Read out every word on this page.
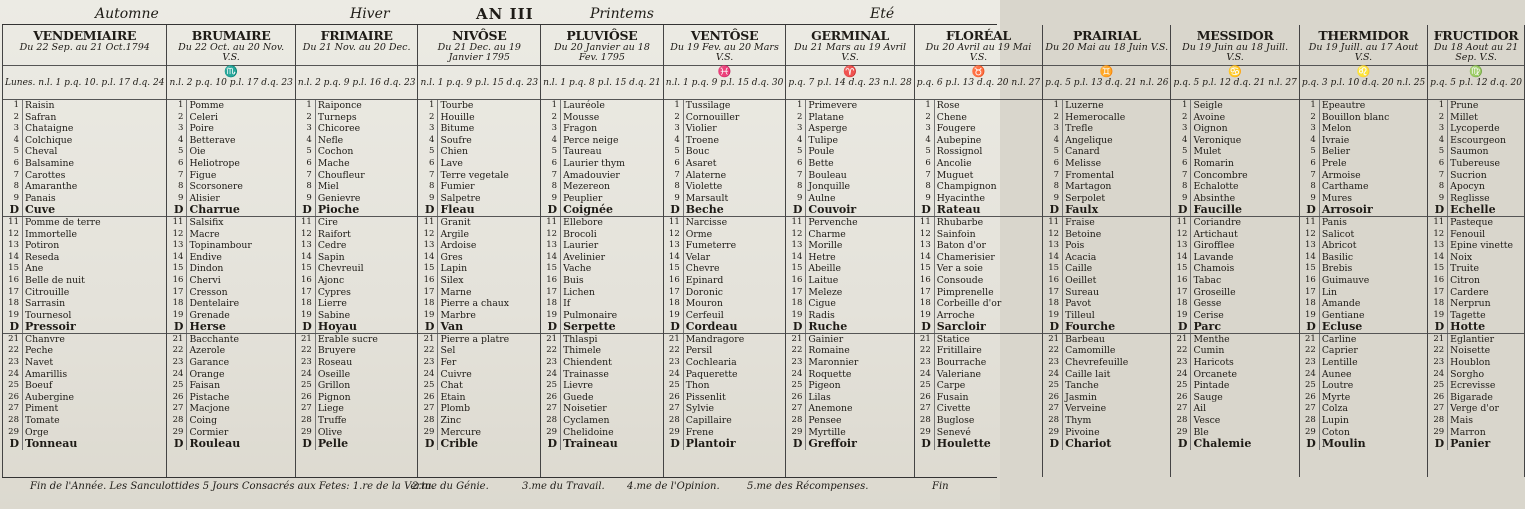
Automne	Hiver	AN III	Printems	Eté
VENDEMIAIRE
Du 22 Sep. au 21 Oct.1794
Lunes. n.l. 1 p.q. 10. p.l. 17 d.q. 24
1 Raisin
2 Safran
3 Chataigne
4 Colchique
5 Cheval
6 Balsamine
7 Carottes
8 Amaranthe
9 Panais
D Cuve
11 Pomme de terre
12 Immortelle
13 Potiron
14 Reseda
15 Ane
16 Belle de nuit
17 Citrouille
18 Sarrasin
19 Tournesol
D Pressoir
21 Chanvre
22 Peche
23 Navet
24 Amarillis
25 Boeuf
26 Aubergine
27 Piment
28 Tomate
29 Orge
D Tonneau
BRUMAIRE
Du 22 Oct. au 20 Nov. V.S.
♏
n.l. 2 p.q. 10 p.l. 17 d.q. 23
1 Pomme
2 Celeri
3 Poire
4 Betterave
5 Oie
6 Heliotrope
7 Figue
8 Scorsonere
9 Alisier
D Charrue
11 Salsifix
12 Macre
13 Topinambour
14 Endive
15 Dindon
16 Chervi
17 Cresson
18 Dentelaire
19 Grenade
D Herse
21 Bacchante
22 Azerole
23 Garance
24 Orange
25 Faisan
26 Pistache
27 Macjone
28 Coing
29 Cormier
D Rouleau
FRIMAIRE
Du 21 Nov. au 20 Dec.
n.l. 2 p.q. 9 p.l. 16 d.q. 23
1 Raiponce
2 Turneps
3 Chicoree
4 Nefle
5 Cochon
6 Mache
7 Choufleur
8 Miel
9 Genievre
D Pioche
11 Cire
12 Raifort
13 Cedre
14 Sapin
15 Chevreuil
16 Ajonc
17 Cypres
18 Lierre
19 Sabine
D Hoyau
21 Erable sucre
22 Bruyere
23 Roseau
24 Oseille
25 Grillon
26 Pignon
27 Liege
28 Truffe
29 Olive
D Pelle
NIVÔSE
Du 21 Dec. au 19 Janvier 1795
n.l. 1 p.q. 9 p.l. 15 d.q. 23
1 Tourbe
2 Houille
3 Bitume
4 Soufre
5 Chien
6 Lave
7 Terre vegetale
8 Fumier
9 Salpetre
D Fleau
11 Granit
12 Argile
13 Ardoise
14 Gres
15 Lapin
16 Silex
17 Marne
18 Pierre a chaux
19 Marbre
D Van
21 Pierre a platre
22 Sel
23 Fer
24 Cuivre
25 Chat
26 Etain
27 Plomb
28 Zinc
29 Mercure
D Crible
PLUVIÔSE
Du 20 Janvier au 18 Fev. 1795
n.l. 1 p.q. 8 p.l. 15 d.q. 21
1 Lauréole
2 Mousse
3 Fragon
4 Perce neige
5 Taureau
6 Laurier thym
7 Amadouvier
8 Mezereon
9 Peuplier
D Coignée
11 Ellebore
12 Brocoli
13 Laurier
14 Avelinier
15 Vache
16 Buis
17 Lichen
18 If
19 Pulmonaire
D Serpette
21 Thlaspi
22 Thimele
23 Chiendent
24 Trainasse
25 Lievre
26 Guede
27 Noisetier
28 Cyclamen
29 Chelidoine
D Traineau
VENTÔSE
Du 19 Fev. au 20 Mars V.S.
♓
n.l. 1 p.q. 9 p.l. 15 d.q. 30
1 Tussilage
2 Cornouiller
3 Violier
4 Troene
5 Bouc
6 Asaret
7 Alaterne
8 Violette
9 Marsault
D Beche
11 Narcisse
12 Orme
13 Fumeterre
14 Velar
15 Chevre
16 Epinard
17 Doronic
18 Mouron
19 Cerfeuil
D Cordeau
21 Mandragore
22 Persil
23 Cochlearia
24 Paquerette
25 Thon
26 Pissenlit
27 Sylvie
28 Capillaire
29 Frene
D Plantoir
GERMINAL
Du 21 Mars au 19 Avril V.S.
♈
p.q. 7 p.l. 14 d.q. 23 n.l. 28
1 Primevere
2 Platane
3 Asperge
4 Tulipe
5 Poule
6 Bette
7 Bouleau
8 Jonquille
9 Aulne
D Couvoir
11 Pervenche
12 Charme
13 Morille
14 Hetre
15 Abeille
16 Laitue
17 Meleze
18 Cigue
19 Radis
D Ruche
21 Gainier
22 Romaine
23 Maronnier
24 Roquette
25 Pigeon
26 Lilas
27 Anemone
28 Pensee
29 Myrtille
D Greffoir
FLORÉAL
Du 20 Avril au 19 Mai V.S.
♉
p.q. 6 p.l. 13 d.q. 20 n.l. 27
1 Rose
2 Chene
3 Fougere
4 Aubepine
5 Rossignol
6 Ancolie
7 Muguet
8 Champignon
9 Hyacinthe
D Rateau
11 Rhubarbe
12 Sainfoin
13 Baton d'or
14 Chamerisier
15 Ver a soie
16 Consoude
17 Pimprenelle
18 Corbeille d'or
19 Arroche
D Sarcloir
21 Statice
22 Fritillaire
23 Bourrache
24 Valeriane
25 Carpe
26 Fusain
27 Civette
28 Buglose
29 Senevé
D Houlette
PRAIRIAL
Du 20 Mai au 18 Juin V.S.
♊
p.q. 5 p.l. 13 d.q. 21 n.l. 26
1 Luzerne
2 Hemerocalle
3 Trefle
4 Angelique
5 Canard
6 Melisse
7 Fromental
8 Martagon
9 Serpolet
D Faulx
11 Fraise
12 Betoine
13 Pois
14 Acacia
15 Caille
16 Oeillet
17 Sureau
18 Pavot
19 Tilleul
D Fourche
21 Barbeau
22 Camomille
23 Chevrefeuille
24 Caille lait
25 Tanche
26 Jasmin
27 Verveine
28 Thym
29 Pivoine
D Chariot
MESSIDOR
Du 19 Juin au 18 Juill. V.S.
♋
p.q. 5 p.l. 12 d.q. 21 n.l. 27
1 Seigle
2 Avoine
3 Oignon
4 Veronique
5 Mulet
6 Romarin
7 Concombre
8 Echalotte
9 Absinthe
D Faucille
11 Coriandre
12 Artichaut
13 Girofflee
14 Lavande
15 Chamois
16 Tabac
17 Groseille
18 Gesse
19 Cerise
D Parc
21 Menthe
22 Cumin
23 Haricots
24 Orcanete
25 Pintade
26 Sauge
27 Ail
28 Vesce
29 Ble
D Chalemie
THERMIDOR
Du 19 Juill. au 17 Aout V.S.
♌
p.q. 3 p.l. 10 d.q. 20 n.l. 25
1 Epeautre
2 Bouillon blanc
3 Melon
4 Ivraie
5 Belier
6 Prele
7 Armoise
8 Carthame
9 Mures
D Arrosoir
11 Panis
12 Salicot
13 Abricot
14 Basilic
15 Brebis
16 Guimauve
17 Lin
18 Amande
19 Gentiane
D Ecluse
21 Carline
22 Caprier
23 Lentille
24 Aunee
25 Loutre
26 Myrte
27 Colza
28 Lupin
29 Coton
D Moulin
FRUCTIDOR
Du 18 Aout au 21 Sep. V.S.
♍
p.q. 5 p.l. 12 d.q. 20
1 Prune
2 Millet
3 Lycoperde
4 Escourgeon
5 Saumon
6 Tubereuse
7 Sucrion
8 Apocyn
9 Reglisse
D Echelle
11 Pasteque
12 Fenouil
13 Epine vinette
14 Noix
15 Truite
16 Citron
17 Cardere
18 Nerprun
19 Tagette
D Hotte
21 Eglantier
22 Noisette
23 Houblon
24 Sorgho
25 Ecrevisse
26 Bigarade
27 Verge d'or
28 Mais
29 Marron
D Panier
Fin de l'Année. Les Sanculottides 5 Jours Consacrés aux Fetes: 1.re de la Vertu.
2.me du Génie.	3.me du Travail. 4.me de l'Opinion.	5.me des Récompenses.	Fin
